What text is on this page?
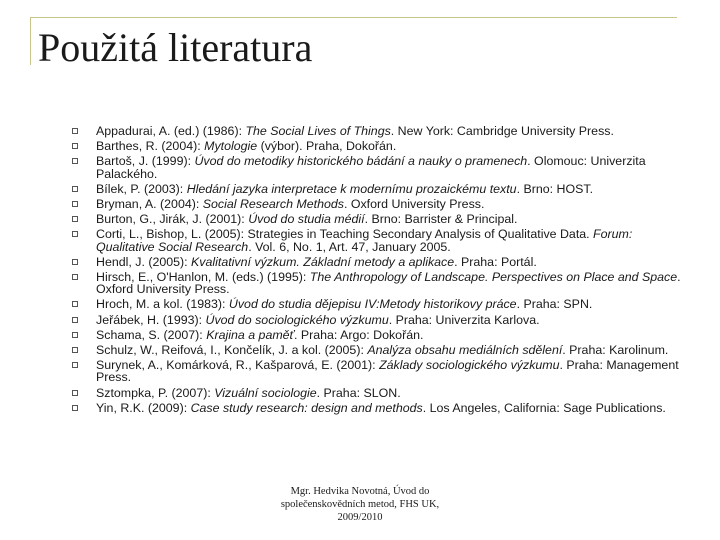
Použitá literatura
Appadurai, A. (ed.) (1986): The Social Lives of Things. New York: Cambridge University Press.
Barthes, R. (2004): Mytologie (výbor). Praha, Dokořán.
Bartoš, J. (1999): Úvod do metodiky historického bádání a nauky o pramenech. Olomouc: Univerzita Palackého.
Bílek, P. (2003): Hledání jazyka interpretace k modernímu prozaickému textu. Brno: HOST.
Bryman, A. (2004): Social Research Methods. Oxford University Press.
Burton, G., Jirák, J. (2001): Úvod do studia médií. Brno: Barrister & Principal.
Corti, L., Bishop, L. (2005): Strategies in Teaching Secondary Analysis of Qualitative Data. Forum: Qualitative Social Research. Vol. 6, No. 1, Art. 47, January 2005.
Hendl, J. (2005): Kvalitativní výzkum. Základní metody a aplikace. Praha: Portál.
Hirsch, E., O'Hanlon, M. (eds.) (1995): The Anthropology of Landscape. Perspectives on Place and Space. Oxford University Press.
Hroch, M. a kol. (1983): Úvod do studia dějepisu IV:Metody historikovy práce. Praha: SPN.
Jeřábek, H. (1993): Úvod do sociologického výzkumu. Praha: Univerzita Karlova.
Schama, S. (2007): Krajina a paměť. Praha: Argo: Dokořán.
Schulz, W., Reifová, I., Končelík, J. a kol. (2005): Analýza obsahu mediálních sdělení. Praha: Karolinum.
Surynek, A., Komárková, R., Kašparová, E. (2001): Základy sociologického výzkumu. Praha: Management Press.
Sztompka, P. (2007): Vizuální sociologie. Praha: SLON.
Yin, R.K. (2009): Case study research: design and methods. Los Angeles, California: Sage Publications.
Mgr. Hedvika Novotná, Úvod do
společenskovědních metod, FHS UK,
2009/2010
